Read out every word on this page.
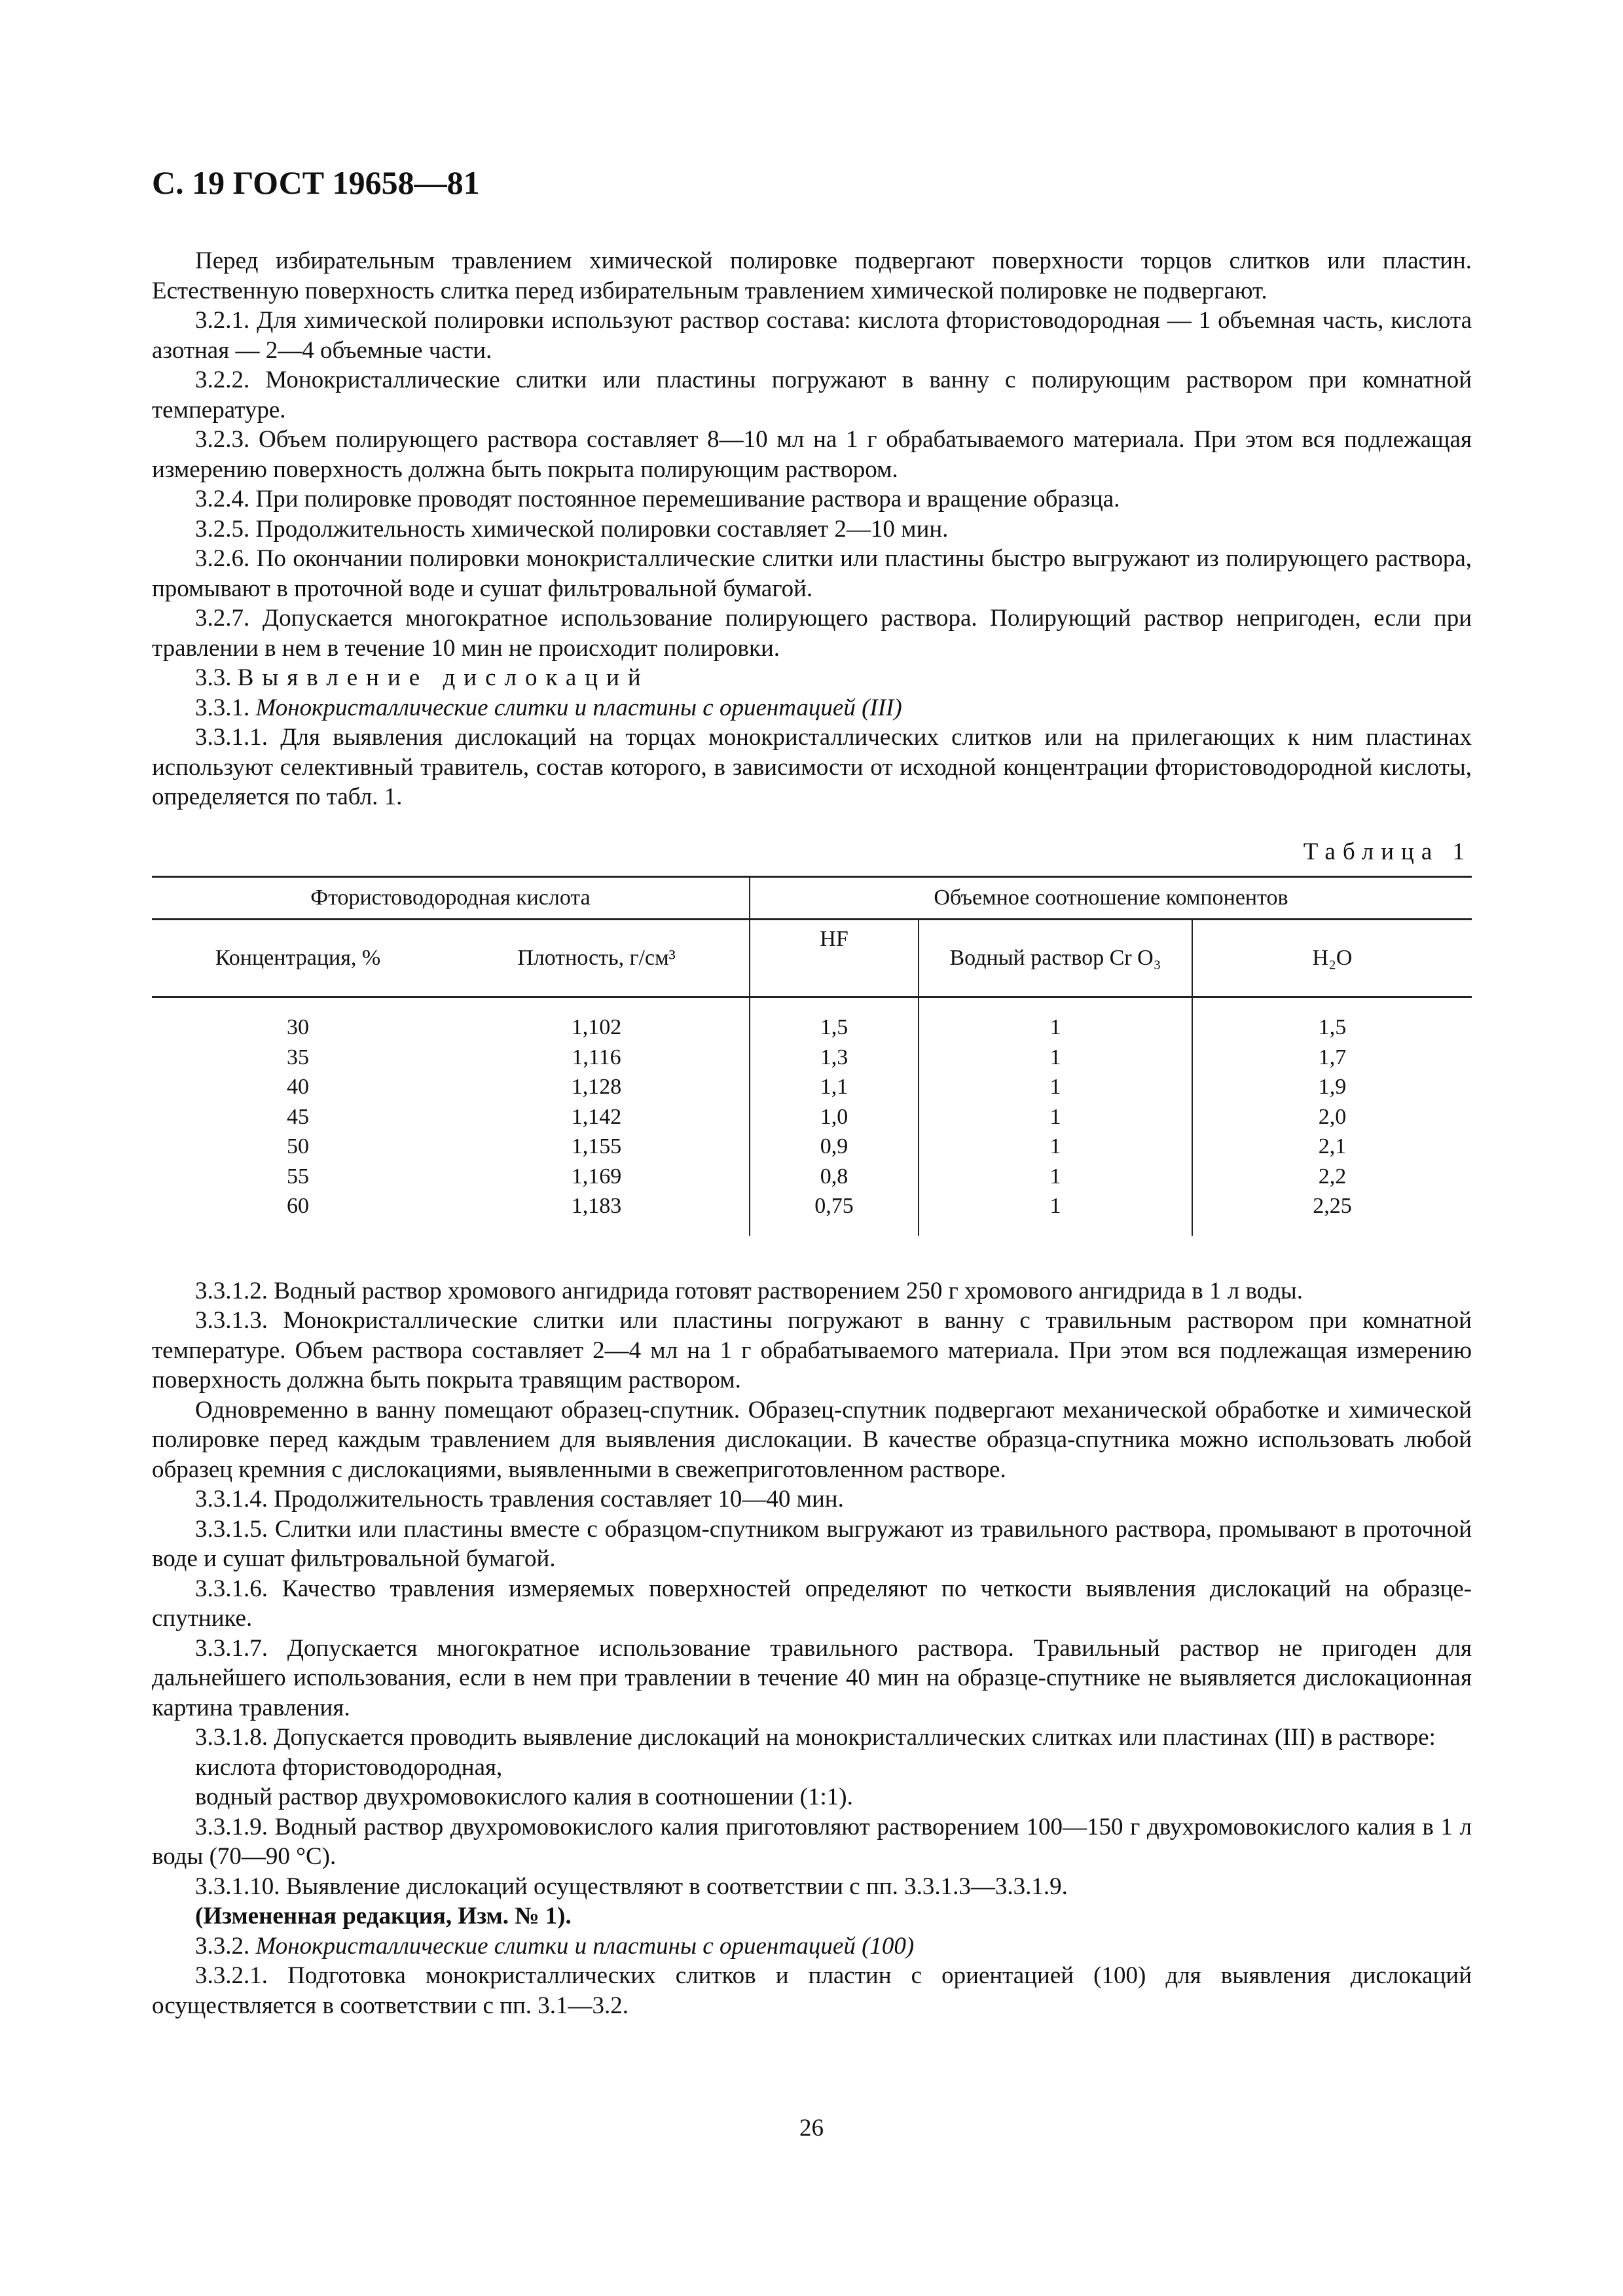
С. 19 ГОСТ 19658—81

Перед избирательным травлением химической полировке подвергают поверхности торцов слитков или пластин. Естественную поверхность слитка перед избирательным травлением химической полировке не подвергают.

3.2.1. Для химической полировки используют раствор состава: кислота фтористоводородная — 1 объемная часть, кислота азотная — 2—4 объемные части.

3.2.2. Монокристаллические слитки или пластины погружают в ванну с полирующим раствором при комнатной температуре.

3.2.3. Объем полирующего раствора составляет 8—10 мл на 1 г обрабатываемого материала. При этом вся подлежащая измерению поверхность должна быть покрыта полирующим раствором.

3.2.4. При полировке проводят постоянное перемешивание раствора и вращение образца.

3.2.5. Продолжительность химической полировки составляет 2—10 мин.

3.2.6. По окончании полировки монокристаллические слитки или пластины быстро выгружают из полирующего раствора, промывают в проточной воде и сушат фильтровальной бумагой.

3.2.7. Допускается многократное использование полирующего раствора. Полирующий раствор непригоден, если при травлении в нем в течение 10 мин не происходит полировки.

3.3. Выявление дислокаций

3.3.1. Монокристаллические слитки и пластины с ориентацией (III)

3.3.1.1. Для выявления дислокаций на торцах монокристаллических слитков или на прилегающих к ним пластинах используют селективный травитель, состав которого, в зависимости от исходной концентрации фтористоводородной кислоты, определяется по табл. 1.

Таблица 1

Фтористоводородная кислота		Объемное соотношение компонентов		
Концентрация, %	Плотность, г/см³	HF	Водный раствор Cr O₃	H₂O
30	1,102	1,5	1	1,5
35	1,116	1,3	1	1,7
40	1,128	1,1	1	1,9
45	1,142	1,0	1	2,0
50	1,155	0,9	1	2,1
55	1,169	0,8	1	2,2
60	1,183	0,75	1	2,25

3.3.1.2. Водный раствор хромового ангидрида готовят растворением 250 г хромового ангидрида в 1 л воды.

3.3.1.3. Монокристаллические слитки или пластины погружают в ванну с травильным раствором при комнатной температуре. Объем раствора составляет 2—4 мл на 1 г обрабатываемого материала. При этом вся подлежащая измерению поверхность должна быть покрыта травящим раствором.

Одновременно в ванну помещают образец-спутник. Образец-спутник подвергают механической обработке и химической полировке перед каждым травлением для выявления дислокации. В качестве образца-спутника можно использовать любой образец кремния с дислокациями, выявленными в свежеприготовленном растворе.

3.3.1.4. Продолжительность травления составляет 10—40 мин.

3.3.1.5. Слитки или пластины вместе с образцом-спутником выгружают из травильного раствора, промывают в проточной воде и сушат фильтровальной бумагой.

3.3.1.6. Качество травления измеряемых поверхностей определяют по четкости выявления дислокаций на образце-спутнике.

3.3.1.7. Допускается многократное использование травильного раствора. Травильный раствор не пригоден для дальнейшего использования, если в нем при травлении в течение 40 мин на образце-спутнике не выявляется дислокационная картина травления.

3.3.1.8. Допускается проводить выявление дислокаций на монокристаллических слитках или пластинах (III) в растворе:

кислота фтористоводородная,

водный раствор двухромовокислого калия в соотношении (1:1).

3.3.1.9. Водный раствор двухромовокислого калия приготовляют растворением 100—150 г двухромовокислого калия в 1 л воды (70—90 °С).

3.3.1.10. Выявление дислокаций осуществляют в соответствии с пп. 3.3.1.3—3.3.1.9.

(Измененная редакция, Изм. № 1).

3.3.2. Монокристаллические слитки и пластины с ориентацией (100)

3.3.2.1. Подготовка монокристаллических слитков и пластин с ориентацией (100) для выявления дислокаций осуществляется в соответствии с пп. 3.1—3.2.

26
